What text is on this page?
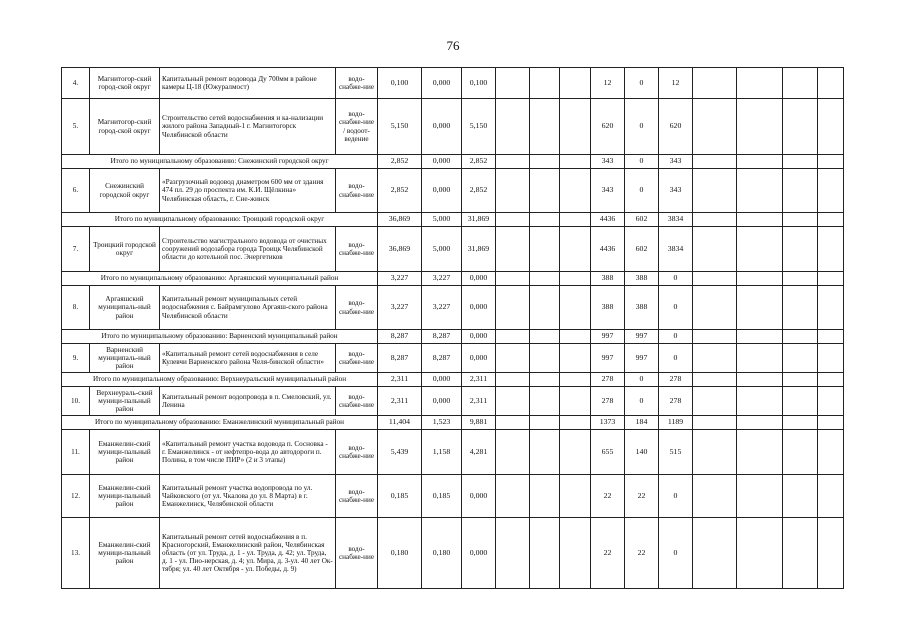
76
4.	Магнитогор-ский город-ской округ	Капитальный ремонт водовода Ду 700мм в районе камеры Ц-18 (Южуралмост)	водо-снабже-ние	0,100	0,000	0,100				12	0	12				
5.	Магнитогор-ский город-ской округ	Строительство сетей водоснабжения и ка-нализации жилого района Западный-1 г. Магнитогорск Челябинской области	водо-снабже-ние / водоот-ведение	5,150	0,000	5,150				620	0	620				
Итого по муниципальному образованию: Снежинский городской округ				2,852	0,000	2,852				343	0	343				
6.	Снежинский городской округ	«Разгрузочный водовод диаметром 600 мм от здания 474 пл. 29 до проспекта им. К.И. Щёлкина» Челябинская область, г. Сне-жинск	водо-снабже-ние	2,852	0,000	2,852				343	0	343				
Итого по муниципальному образованию: Троицкий городской округ				36,869	5,000	31,869				4436	602	3834				
7.	Троицкий городской округ	Строительство магистрального водовода от очистных сооружений водозабора города Троицк Челябинской области до котельной пос. Энергетиков	водо-снабже-ние	36,869	5,000	31,869				4436	602	3834				
Итого по муниципальному образованию: Аргаяшский муниципальный район				3,227	3,227	0,000				388	388	0				
8.	Аргаяшский муниципаль-ный район	Капитальный ремонт муниципальных сетей водоснабжения с. Байрамгулово Аргаяш-ского района Челябинской области	водо-снабже-ние	3,227	3,227	0,000				388	388	0				
Итого по муниципальному образованию: Варненский муниципальный район				8,287	8,287	0,000				997	997	0				
9.	Варненский муниципаль-ный район	«Капитальный ремонт сетей водоснабжения в селе Кулевчи Варненского района Челя-бинской области»	водо-снабже-ние	8,287	8,287	0,000				997	997	0				
Итого по муниципальному образованию: Верхнеуральский муниципальный район				2,311	0,000	2,311				278	0	278				
10.	Верхнеураль-ский муници-пальный район	Капитальный ремонт водопровода в п. Смеловский, ул. Ленина	водо-снабже-ние	2,311	0,000	2,311				278	0	278				
Итого по муниципальному образованию: Еманжелинский муниципальный район				11,404	1,523	9,881				1373	184	1189				
11.	Еманжелин-ский муници-пальный район	«Капитальный ремонт участка водовода п. Сосновка - г. Еманжелинск - от нефтепро-вода до автодороги п. Полина, в том числе ПИР» (2 и 3 этапы)	водо-снабже-ние	5,439	1,158	4,281				655	140	515				
12.	Еманжелин-ский муници-пальный район	Капитальный ремонт участка водопровода по ул. Чайковского (от ул. Чкалова до ул. 8 Марта) в г. Еманжелинск, Челябинской области	водо-снабже-ние	0,185	0,185	0,000				22	22	0				
13.	Еманжелин-ский муници-пальный район	Капитальный ремонт сетей водоснабжения в п. Красногорский, Еманжелинский район, Челябинская область (от ул. Труда, д. 1 - ул. Труда, д. 42; ул. Труда, д. 1 - ул. Пио-нерская, д. 4; ул. Мира, д. 3-ул. 40 лет Ок-тября; ул. 40 лет Октября - ул. Победы, д. 9)	водо-снабже-ние	0,180	0,180	0,000				22	22	0				
